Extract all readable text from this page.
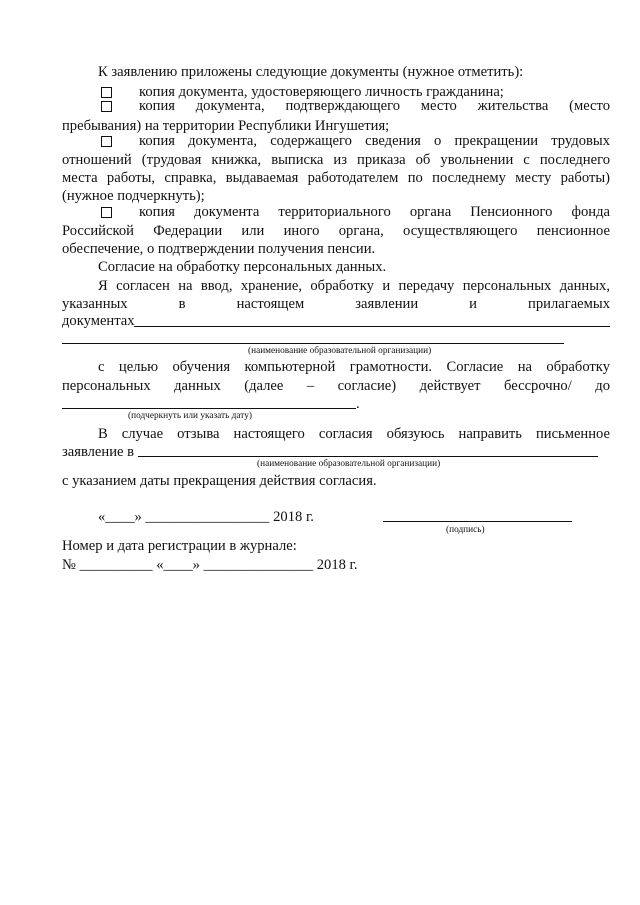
К заявлению приложены следующие документы (нужное отметить):
копия документа, удостоверяющего личность гражданина;
копия документа, подтверждающего место жительства (место
пребывания) на территории Республики Ингушетия;
копия документа, содержащего сведения о прекращении трудовых
отношений (трудовая книжка, выписка из приказа об увольнении с последнего
места работы, справка, выдаваемая работодателем по последнему месту работы)
(нужное подчеркнуть);
копия документа территориального органа Пенсионного фонда
Российской Федерации или иного органа, осуществляющего пенсионное
обеспечение, о подтверждении получения пенсии.
Согласие на обработку персональных данных.
Я согласен на ввод, хранение, обработку и передачу персональных данных,
указанных в настоящем заявлении и прилагаемых
документах
(наименование образовательной организации)
с целью обучения компьютерной грамотности. Согласие на обработку
персональных данных (далее – согласие) действует бессрочно/ до
.
(подчеркнуть или указать дату)
В случае отзыва настоящего согласия обязуюсь направить письменное
заявление в
(наименование образовательной организации)
с указанием даты прекращения действия согласия.
«____» _________________ 2018 г.
(подпись)
Номер и дата регистрации в журнале:
№ __________ «____» _______________ 2018 г.
